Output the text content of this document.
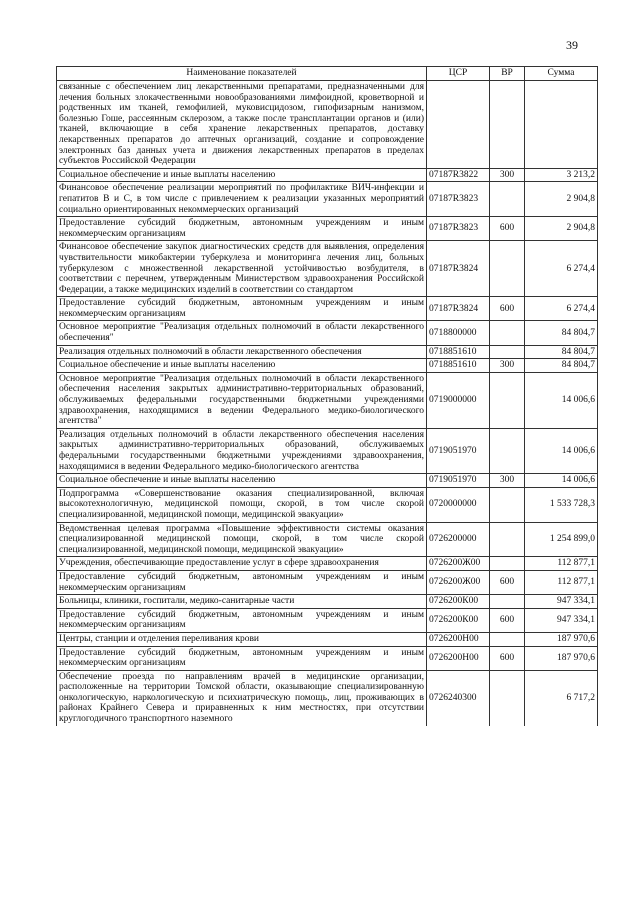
39
Наименование показателей	ЦСР	ВР	Сумма
связанные с обеспечением лиц лекарственными препаратами, предназначенными для лечения больных злокачественными новообразованиями лимфоидной, кроветворной и родственных им тканей, гемофилией, муковисцидозом, гипофизарным нанизмом, болезнью Гоше, рассеянным склерозом, а также после трансплантации органов и (или) тканей, включающие в себя хранение лекарственных препаратов, доставку лекарственных препаратов до аптечных организаций, создание и сопровождение электронных баз данных учета и движения лекарственных препаратов в пределах субъектов Российской Федерации			
Социальное обеспечение и иные выплаты населению	07187R3822	300	3 213,2
Финансовое обеспечение реализации мероприятий по профилактике ВИЧ-инфекции и гепатитов B и C, в том числе с привлечением к реализации указанных мероприятий социально ориентированных некоммерческих организаций	07187R3823		2 904,8
Предоставление субсидий бюджетным, автономным учреждениям и иным некоммерческим организациям	07187R3823	600	2 904,8
Финансовое обеспечение закупок диагностических средств для выявления, определения чувствительности микобактерии туберкулеза и мониторинга лечения лиц, больных туберкулезом с множественной лекарственной устойчивостью возбудителя, в соответствии с перечнем, утвержденным Министерством здравоохранения Российской Федерации, а также медицинских изделий в соответствии со стандартом	07187R3824		6 274,4
Предоставление субсидий бюджетным, автономным учреждениям и иным некоммерческим организациям	07187R3824	600	6 274,4
Основное мероприятие "Реализация отдельных полномочий в области лекарственного обеспечения"	0718800000		84 804,7
Реализация отдельных полномочий в области лекарственного обеспечения	0718851610		84 804,7
Социальное обеспечение и иные выплаты населению	0718851610	300	84 804,7
Основное мероприятие "Реализация отдельных полномочий в области лекарственного обеспечения населения закрытых административно-территориальных образований, обслуживаемых федеральными государственными бюджетными учреждениями здравоохранения, находящимися в ведении Федерального медико-биологического агентства"	0719000000		14 006,6
Реализация отдельных полномочий в области лекарственного обеспечения населения закрытых административно-территориальных образований, обслуживаемых федеральными государственными бюджетными учреждениями здравоохранения, находящимися в ведении Федерального медико-биологического агентства	0719051970		14 006,6
Социальное обеспечение и иные выплаты населению	0719051970	300	14 006,6
Подпрограмма «Совершенствование оказания специализированной, включая высокотехнологичную, медицинской помощи, скорой, в том числе скорой специализированной, медицинской помощи, медицинской эвакуации»	0720000000		1 533 728,3
Ведомственная целевая программа «Повышение эффективности системы оказания специализированной медицинской помощи, скорой, в том числе скорой специализированной, медицинской помощи, медицинской эвакуации»	0726200000		1 254 899,0
Учреждения, обеспечивающие предоставление услуг в сфере здравоохранения	0726200Ж00		112 877,1
Предоставление субсидий бюджетным, автономным учреждениям и иным некоммерческим организациям	0726200Ж00	600	112 877,1
Больницы, клиники, госпитали, медико-санитарные части	0726200К00		947 334,1
Предоставление субсидий бюджетным, автономным учреждениям и иным некоммерческим организациям	0726200К00	600	947 334,1
Центры, станции и отделения переливания крови	0726200Н00		187 970,6
Предоставление субсидий бюджетным, автономным учреждениям и иным некоммерческим организациям	0726200Н00	600	187 970,6
Обеспечение проезда по направлениям врачей в медицинские организации, расположенные на территории Томской области, оказывающие специализированную онкологическую, наркологическую и психиатрическую помощь, лиц, проживающих в районах Крайнего Севера и приравненных к ним местностях, при отсутствии круглогодичного транспортного наземного	0726240300		6 717,2
